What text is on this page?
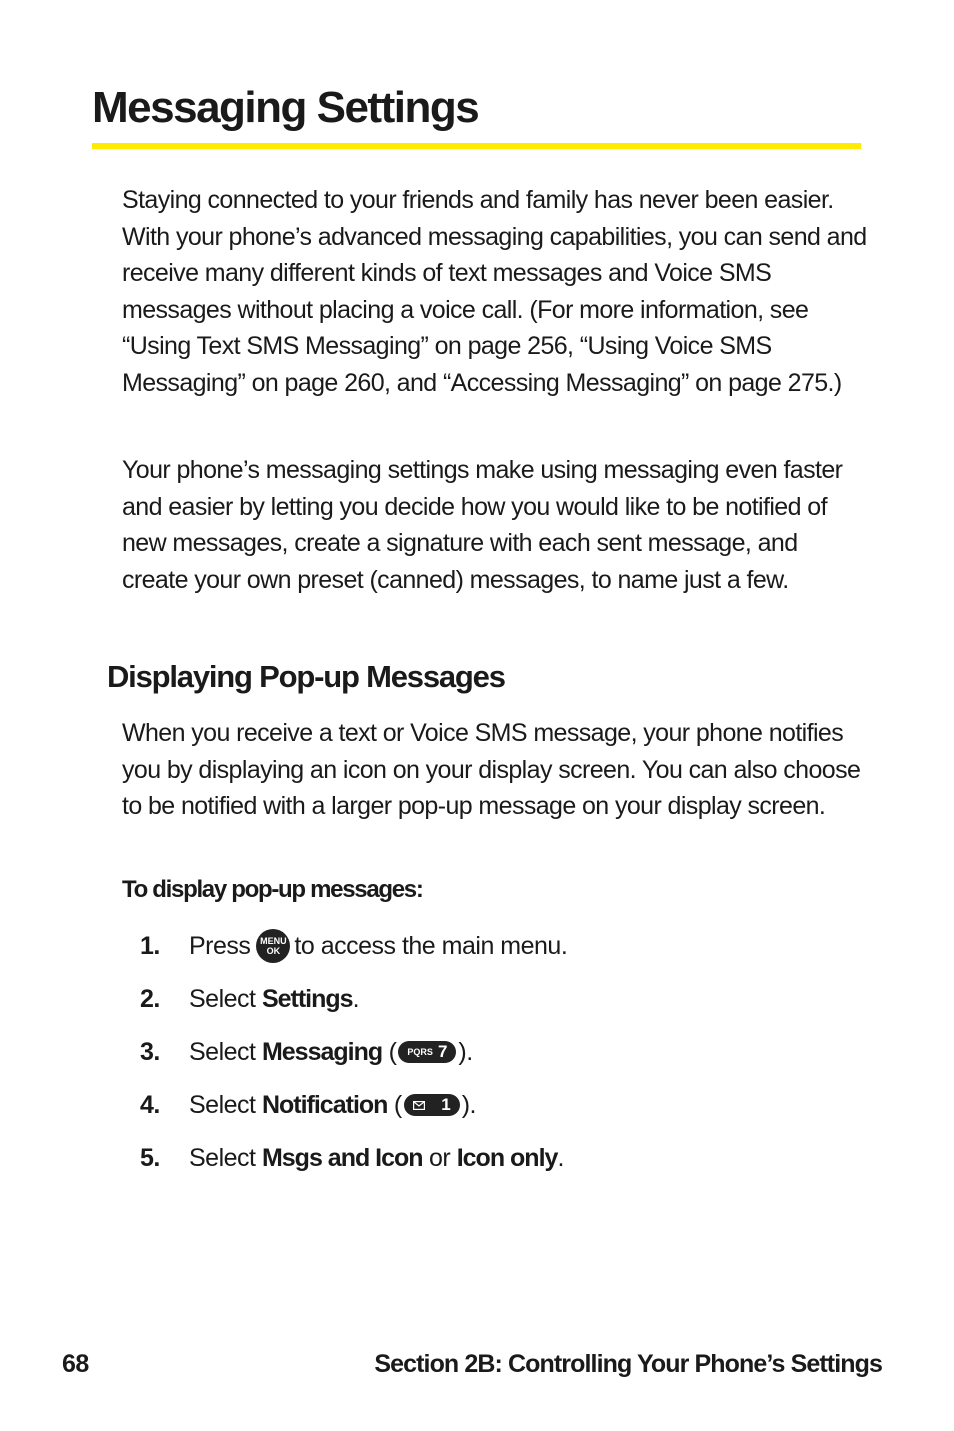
Messaging Settings

Staying connected to your friends and family has never been easier. With your phone’s advanced messaging capabilities, you can send and receive many different kinds of text messages and Voice SMS messages without placing a voice call. (For more information, see “Using Text SMS Messaging” on page 256, “Using Voice SMS Messaging” on page 260, and “Accessing Messaging” on page 275.)

Your phone’s messaging settings make using messaging even faster and easier by letting you decide how you would like to be notified of new messages, create a signature with each sent message, and create your own preset (canned) messages, to name just a few.

Displaying Pop-up Messages

When you receive a text or Voice SMS message, your phone notifies you by displaying an icon on your display screen. You can also choose to be notified with a larger pop-up message on your display screen.

To display pop-up messages:
1.	Press MENU
OK to access the main menu.
2.	Select Settings .
3.	Select Messaging ( PQRS 7 ).
4.	Select Notification ( 1 ).
5.	Select Msgs and Icon or Icon only .

68	Section 2B: Controlling Your Phone’s Settings
